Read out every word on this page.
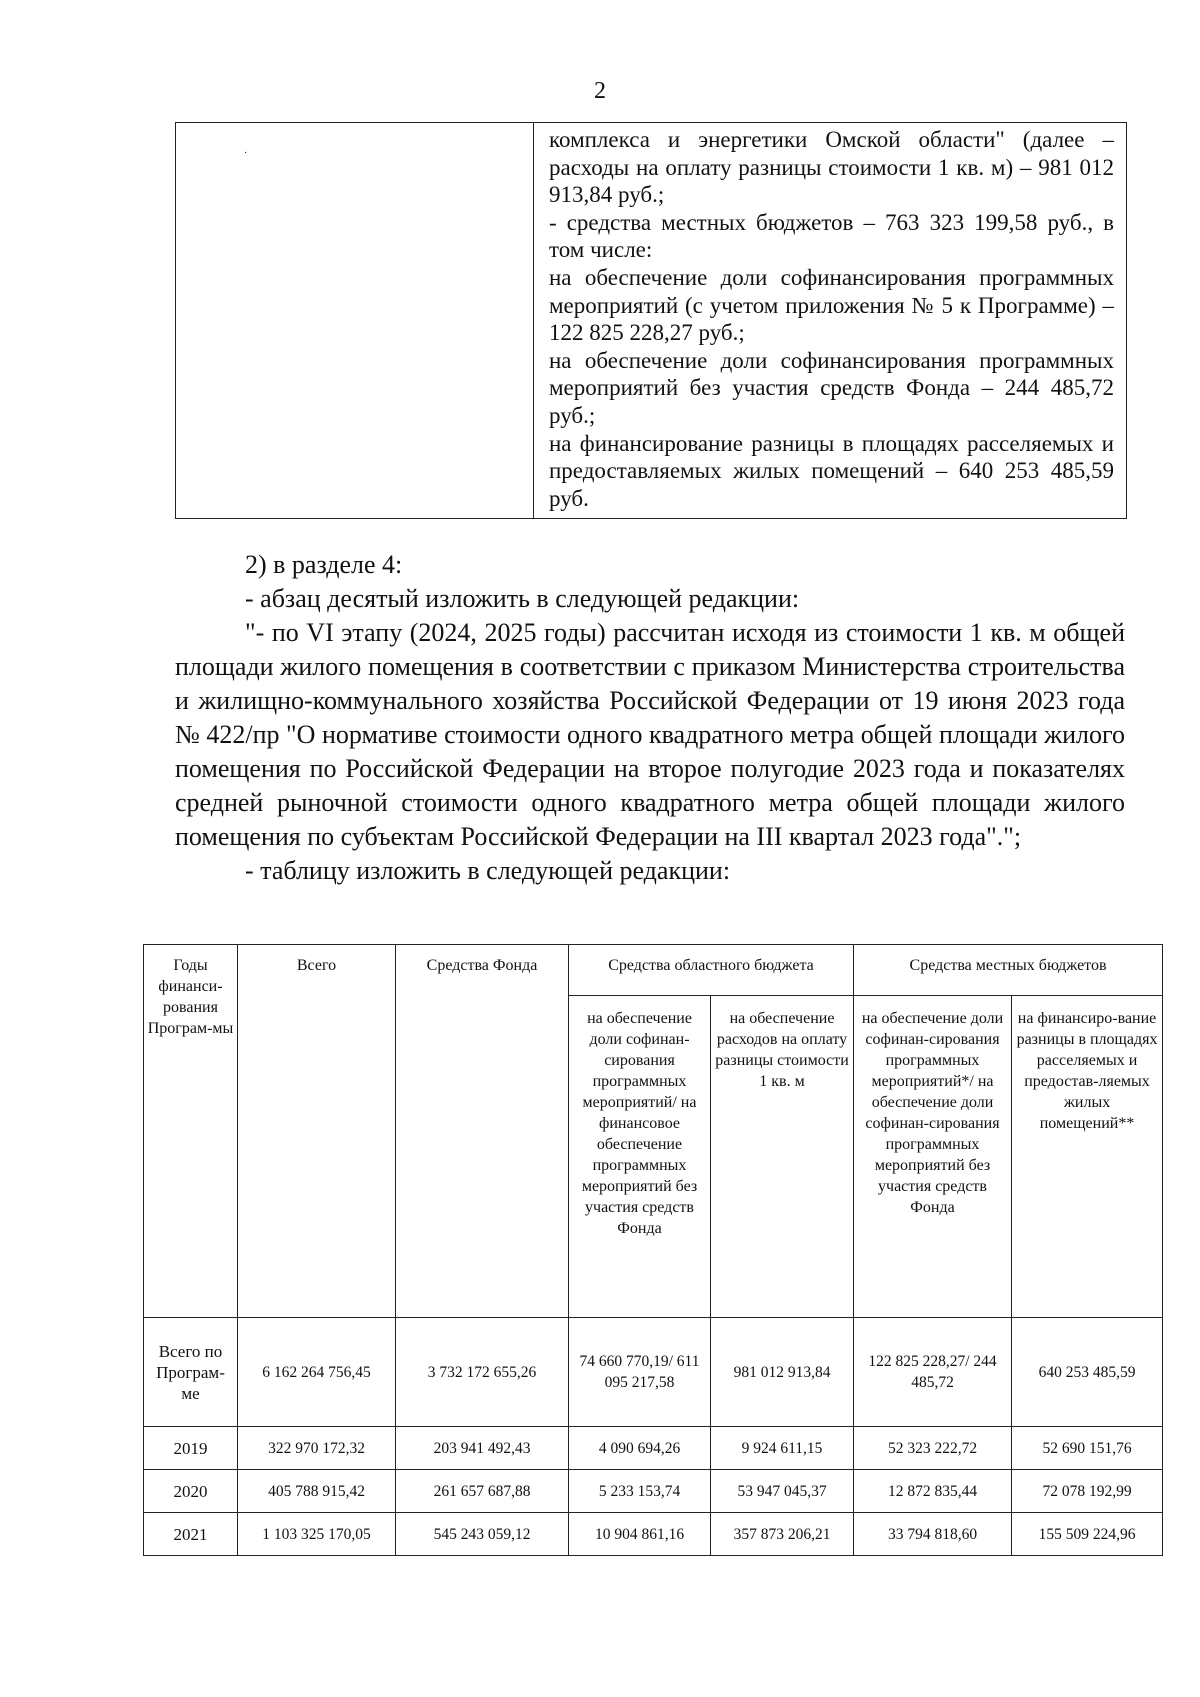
2
·

комплекса и энергетики Омской области" (далее – расходы на оплату разницы стоимости 1 кв. м) – 981 012 913,84 руб.;

- средства местных бюджетов – 763 323 199,58 руб., в том числе:

на обеспечение доли софинансирования программных мероприятий (с учетом приложения № 5 к Программе) – 122 825 228,27 руб.;

на обеспечение доли софинансирования программных мероприятий без участия средств Фонда – 244 485,72 руб.;

на финансирование разницы в площадях расселяемых и предоставляемых жилых помещений – 640 253 485,59 руб.

2) в разделе 4:

- абзац десятый изложить в следующей редакции:

"- по VI этапу (2024, 2025 годы) рассчитан исходя из стоимости 1 кв. м общей площади жилого помещения в соответствии с приказом Министерства строительства и жилищно-коммунального хозяйства Российской Федерации от 19 июня 2023 года № 422/пр "О нормативе стоимости одного квадратного метра общей площади жилого помещения по Российской Федерации на второе полугодие 2023 года и показателях средней рыночной стоимости одного квадратного метра общей площади жилого помещения по субъектам Российской Федерации на III квартал 2023 года".";

- таблицу изложить в следующей редакции:

Годы финанси-рования Програм-мы	Всего	Средства Фонда	Средства областного бюджета		Средства местных бюджетов	
			на обеспечение доли софинан-сирования программных мероприятий/ на финансовое обеспечение программных мероприятий без участия средств Фонда	на обеспечение расходов на оплату разницы стоимости 1 кв. м	на обеспечение доли софинан-сирования программных мероприятий*/ на обеспечение доли софинан-сирования программных мероприятий без участия средств Фонда	на финансиро-вание разницы в площадях расселяемых и предостав-ляемых жилых помещений**
Всего по Програм-ме	6 162 264 756,45	3 732 172 655,26	74 660 770,19/ 611 095 217,58	981 012 913,84	122 825 228,27/ 244 485,72	640 253 485,59
2019	322 970 172,32	203 941 492,43	4 090 694,26	9 924 611,15	52 323 222,72	52 690 151,76
2020	405 788 915,42	261 657 687,88	5 233 153,74	53 947 045,37	12 872 835,44	72 078 192,99
2021	1 103 325 170,05	545 243 059,12	10 904 861,16	357 873 206,21	33 794 818,60	155 509 224,96
